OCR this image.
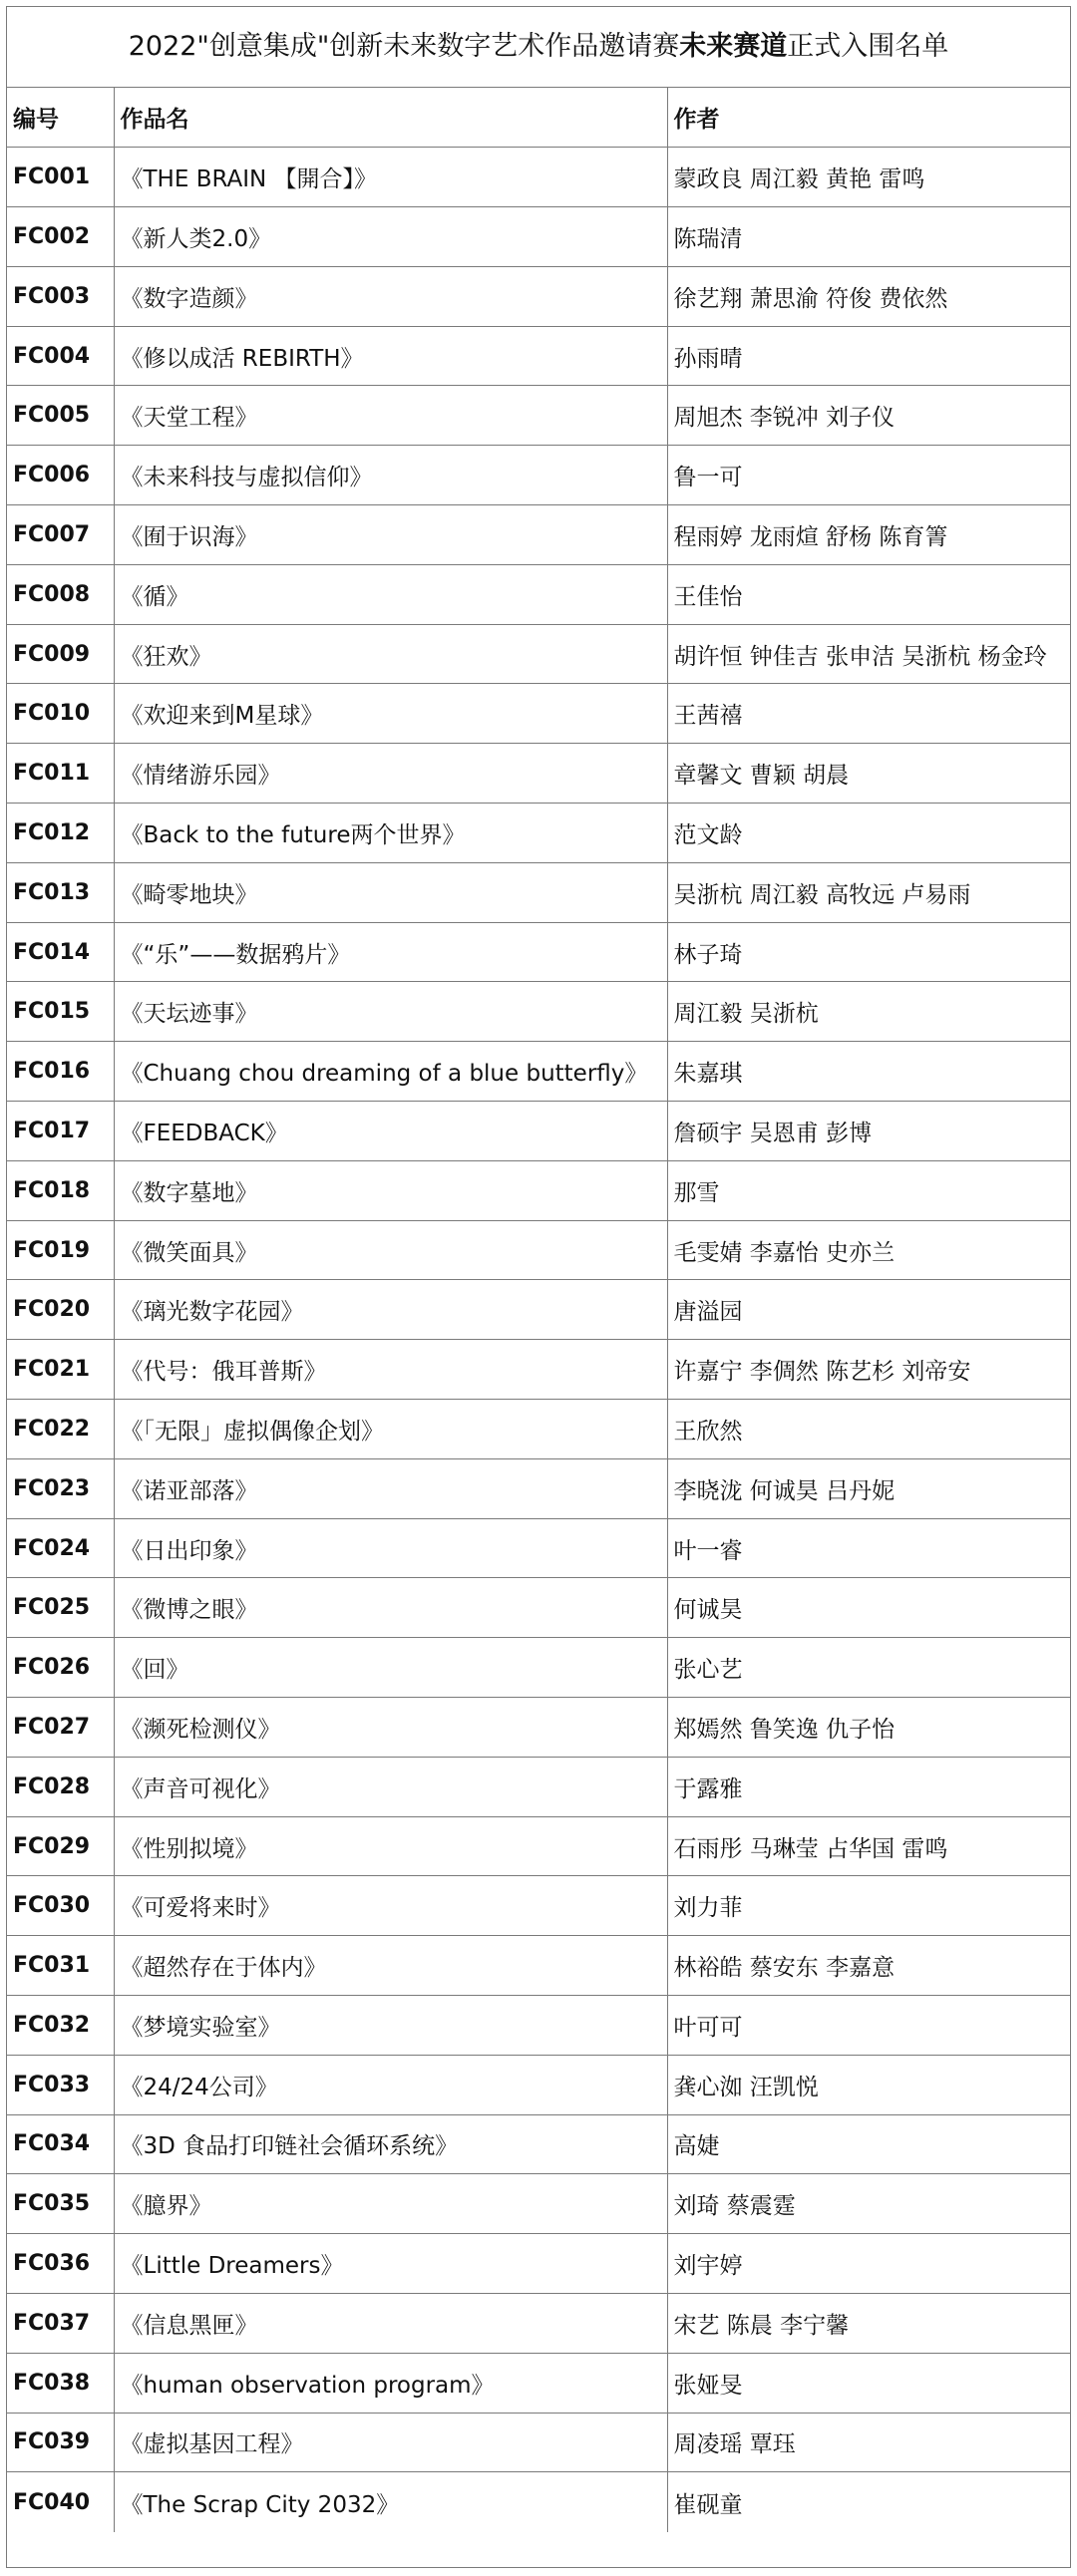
2022"创意集成"创新未来数字艺术作品邀请赛未来赛道正式入围名单
编号	作品名	作者
FC001	《THE BRAIN 【開合】》	蒙政良 周江毅 黄艳 雷鸣
FC002	《新人类2.0》	陈瑞清
FC003	《数字造颜》	徐艺翔 萧思渝 符俊 费依然
FC004	《修以成活 REBIRTH》	孙雨晴
FC005	《天堂工程》	周旭杰 李锐冲 刘子仪
FC006	《未来科技与虚拟信仰》	鲁一可
FC007	《囿于识海》	程雨婷 龙雨煊 舒杨 陈育箐
FC008	《循》	王佳怡
FC009	《狂欢》	胡许恒 钟佳吉 张申洁 吴浙杭 杨金玲
FC010	《欢迎来到M星球》	王茜禧
FC011	《情绪游乐园》	章馨文 曹颖 胡晨
FC012	《Back to the future两个世界》	范文龄
FC013	《畸零地块》	吴浙杭 周江毅 高牧远 卢易雨
FC014	《“乐”——数据鸦片》	林子琦
FC015	《天坛迹事》	周江毅 吴浙杭
FC016	《Chuang chou dreaming of a blue butterfly》	朱嘉琪
FC017	《FEEDBACK》	詹硕宇 吴恩甫 彭博
FC018	《数字墓地》	那雪
FC019	《微笑面具》	毛雯婧 李嘉怡 史亦兰
FC020	《璃光数字花园》	唐溢园
FC021	《代号：俄耳普斯》	许嘉宁 李倜然 陈艺杉 刘帝安
FC022	《「无限」虚拟偶像企划》	王欣然
FC023	《诺亚部落》	李晓泷 何诚昊 吕丹妮
FC024	《日出印象》	叶一睿
FC025	《微博之眼》	何诚昊
FC026	《回》	张心艺
FC027	《濒死检测仪》	郑嫣然 鲁笑逸 仇子怡
FC028	《声音可视化》	于露雅
FC029	《性别拟境》	石雨彤 马琳莹 占华国 雷鸣
FC030	《可爱将来时》	刘力菲
FC031	《超然存在于体内》	林裕皓 蔡安东 李嘉意
FC032	《梦境实验室》	叶可可
FC033	《24/24公司》	龚心洳 汪凯悦
FC034	《3D 食品打印链社会循环系统》	高婕
FC035	《臆界》	刘琦 蔡震霆
FC036	《Little Dreamers》	刘宇婷
FC037	《信息黑匣》	宋艺 陈晨 李宁馨
FC038	《human observation program》	张娅旻
FC039	《虚拟基因工程》	周凌瑶 覃珏
FC040	《The Scrap City 2032》	崔砚童
